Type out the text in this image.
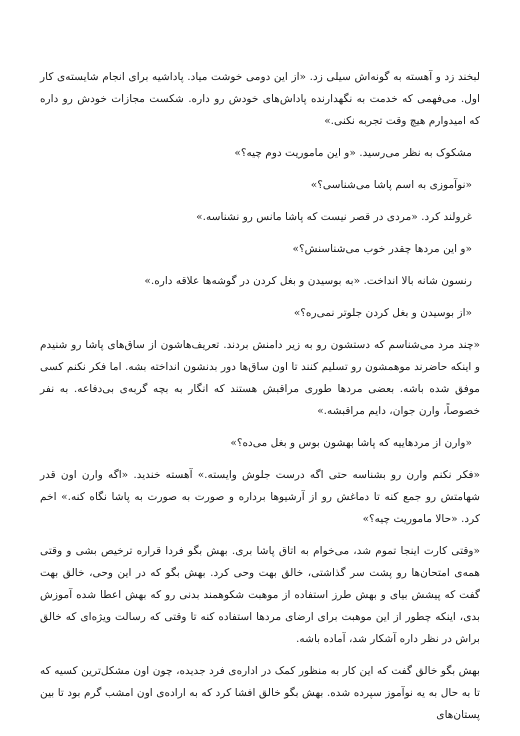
لبخند زد و آهسته به گونه‌اش سیلی زد. «از این دومی خوشت میاد. پاداشیه برای انجام شایسته‌ی کار اول. می‌فهمی که خدمت به نگهدارنده پاداش‌های خودش رو داره. شکست مجازات خودش رو داره که امیدوارم هیچ وقت تجربه نکنی.»

مشکوک به نظر می‌رسید. «و این ماموریت دوم چیه؟»

«نوآموزی به اسم پاشا می‌شناسی؟»

غرولند کرد. «مردی در قصر نیست که پاشا مانس رو نشناسه.»

«و این مردها چقدر خوب می‌شناسنش؟»

رنسون شانه بالا انداخت. «به بوسیدن و بغل کردن در گوشه‌ها علاقه داره.»

«از بوسیدن و بغل کردن جلوتر نمی‌ره؟»

«چند مرد می‌شناسم که دستشون رو به زیر دامنش بردند. تعریف‌هاشون از ساق‌های پاشا رو شنیدم و اینکه حاضرند موهمشون رو تسلیم کنند تا اون ساق‌ها دور بدنشون انداخته بشه. اما فکر نکنم کسی موفق شده باشه. بعضی مردها طوری مراقبش هستند که انگار به بچه گربه‌ی بی‌دفاعه. به نفر خصوصاً، وارن جوان، دایم مراقبشه.»

«وارن از مردهاییه که پاشا بهشون بوس و بغل می‌ده؟»

«فکر نکنم وارن رو بشناسه حتی اگه درست جلوش وایسته.» آهسته خندید. «اگه وارن اون قدر شهامتش رو جمع کنه تا دماغش رو از آرشیوها برداره و صورت به صورت به پاشا نگاه کنه.» اخم کرد. «حالا ماموریت چیه؟»

«وقتی کارت اینجا تموم شد، می‌خوام به اتاق پاشا بری. بهش بگو فردا قراره ترخیص بشی و وقتی همه‌ی امتحان‌ها رو پشت سر گذاشتی، خالق بهت وحی کرد. بهش بگو که در این وحی، خالق بهت گفت که پیشش بیای و بهش طرز استفاده از موهبت شکوهمند بدنی رو که بهش اعطا شده آموزش بدی، اینکه چطور از این موهبت برای ارضای مردها استفاده کنه تا وقتی که رسالت ویژه‌ای که خالق براش در نظر داره آشکار شد، آماده باشه.

بهش بگو خالق گفت که این کار به منظور کمک در اداره‌ی فرد جدیده، چون اون مشکل‌ترین کسیه که تا به حال به یه نوآموز سپرده شده. بهش بگو خالق افشا کرد که به اراده‌ی اون امشب گرم بود تا بین پستان‌های
